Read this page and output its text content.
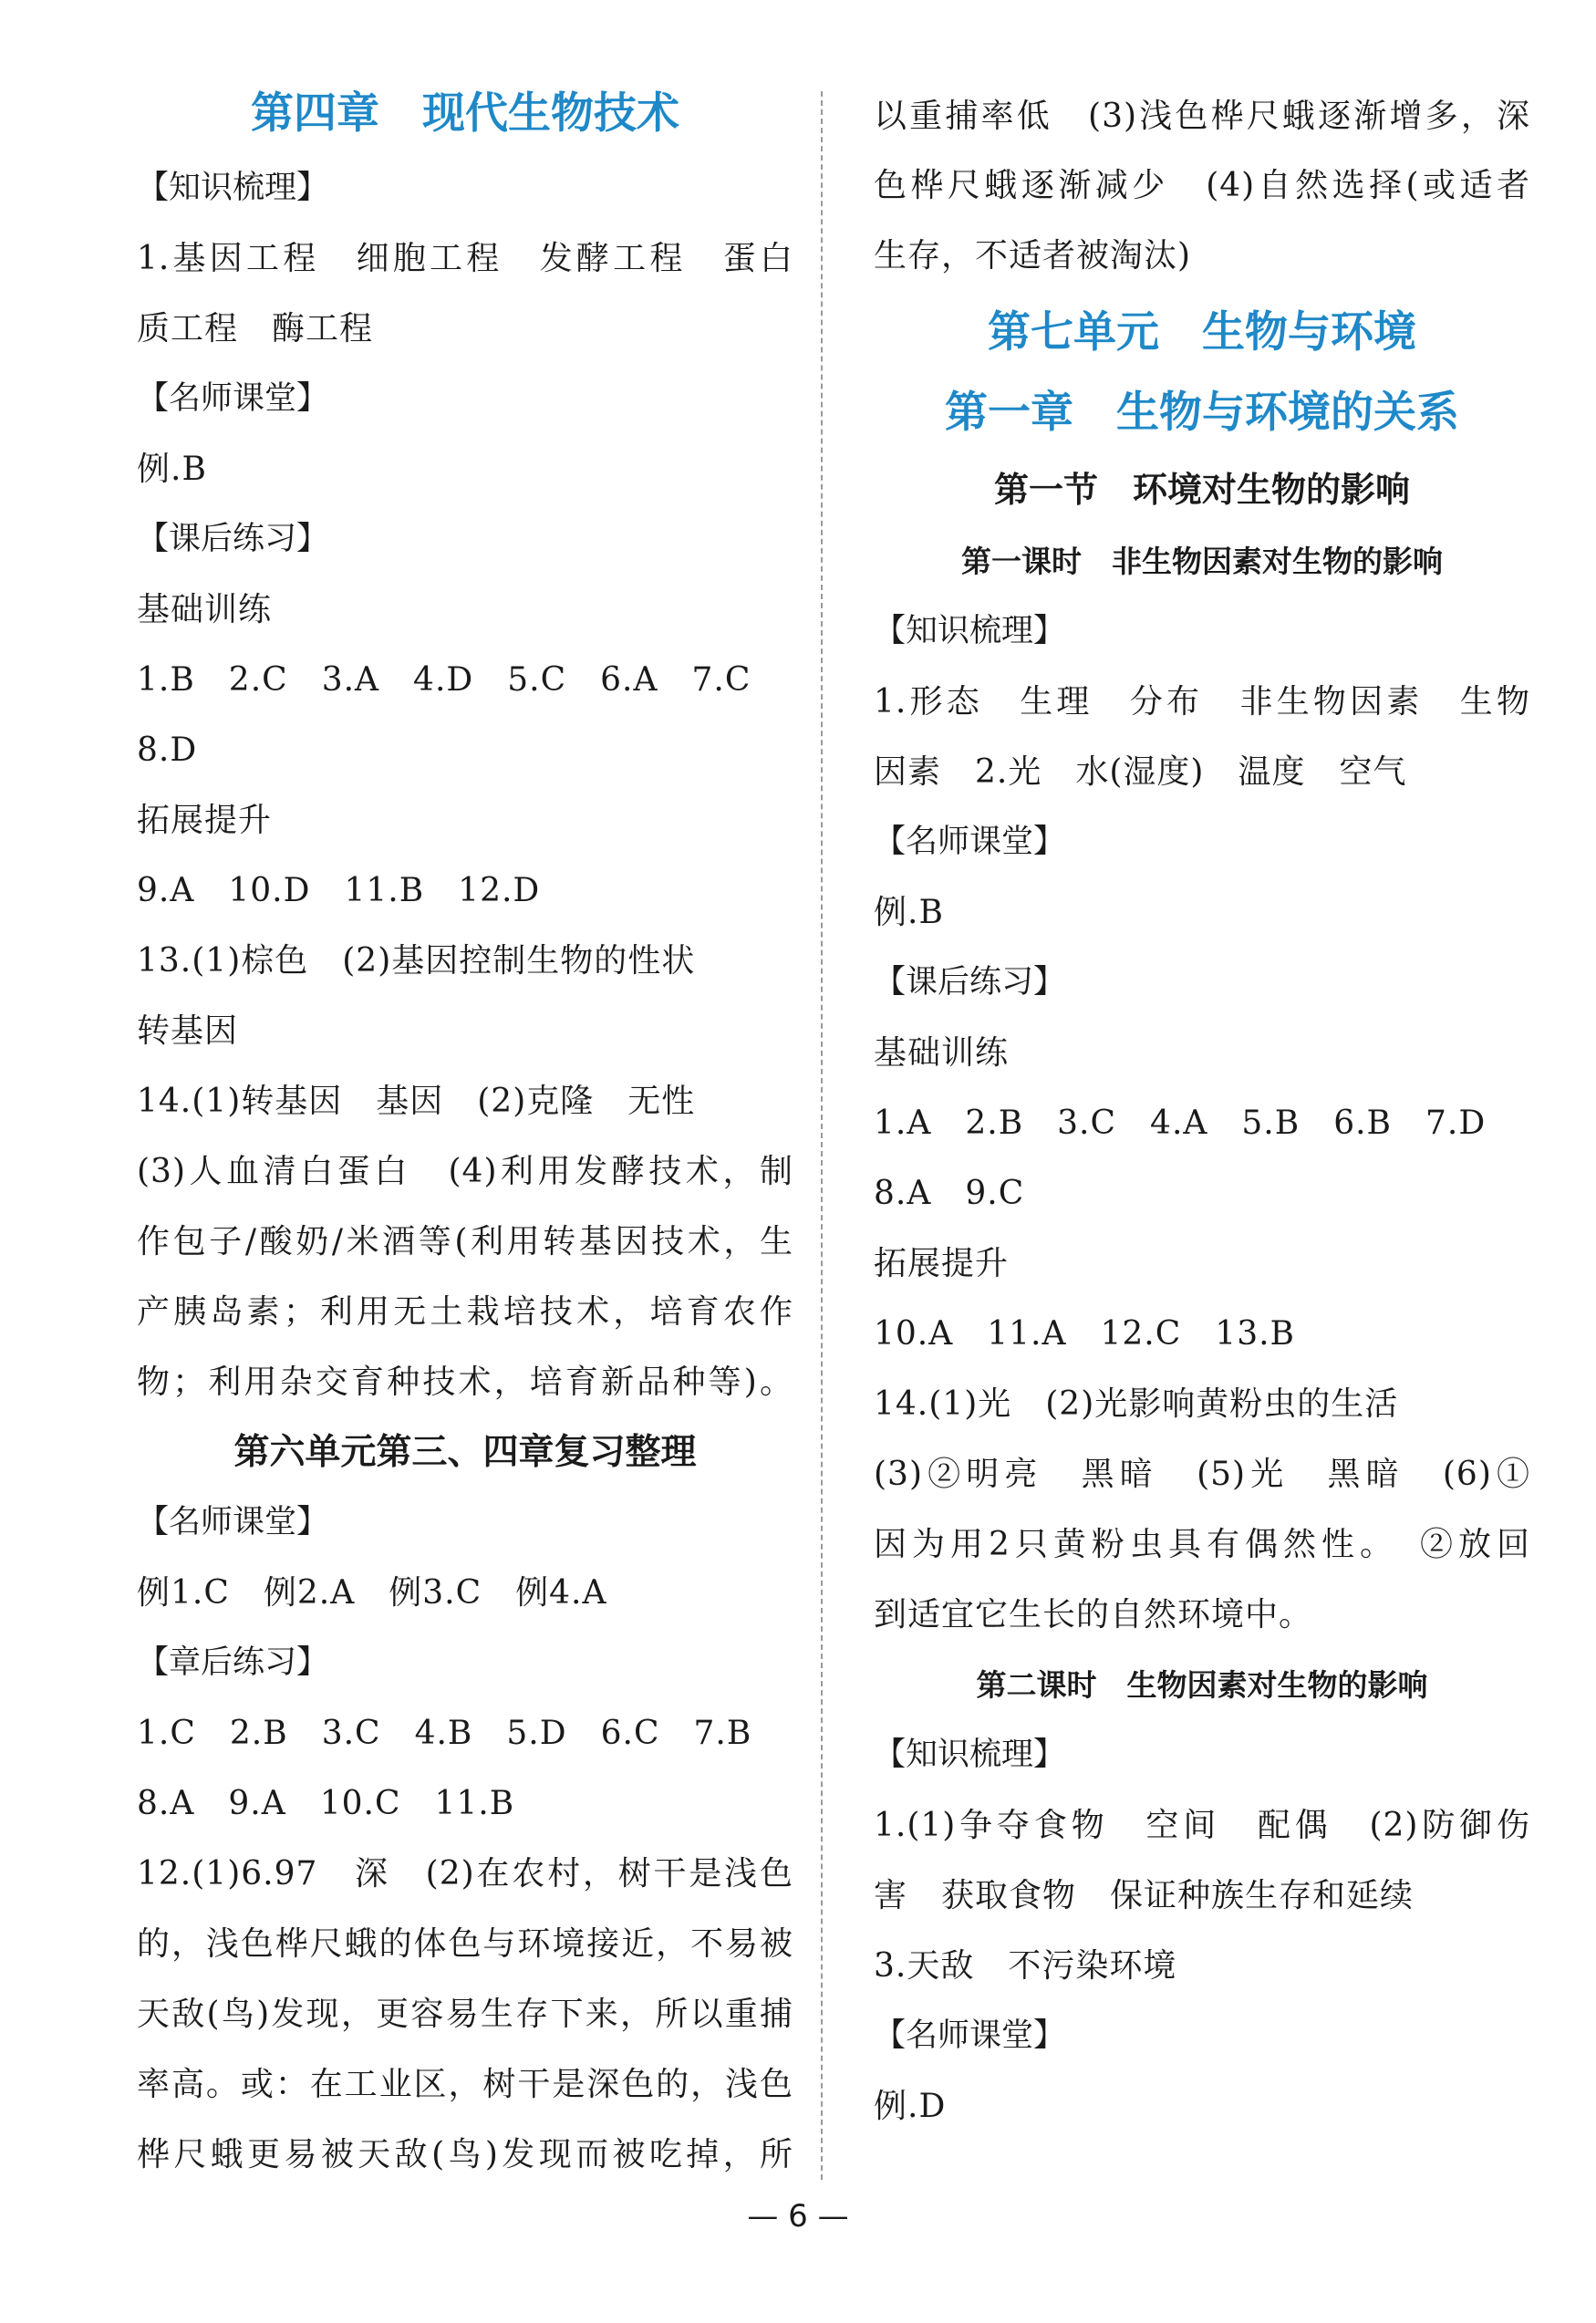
第四章　现代生物技术
【知识梳理】
1.基因工程　细胞工程　发酵工程　蛋白
质工程　酶工程
【名师课堂】
例.B
【课后练习】
基础训练
1.B　2.C　3.A　4.D　5.C　6.A　7.C
8.D
拓展提升
9.A　10.D　11.B　12.D
13.(1)棕色　(2)基因控制生物的性状
转基因
14.(1)转基因　基因　(2)克隆　无性
(3)人血清白蛋白　(4)利用发酵技术，制
作包子/酸奶/米酒等(利用转基因技术，生
产胰岛素；利用无土栽培技术，培育农作
物；利用杂交育种技术，培育新品种等)。
第六单元第三、四章复习整理
【名师课堂】
例1.C　例2.A　例3.C　例4.A
【章后练习】
1.C　2.B　3.C　4.B　5.D　6.C　7.B
8.A　9.A　10.C　11.B
12.(1)6.97　深　(2)在农村，树干是浅色
的，浅色桦尺蛾的体色与环境接近，不易被
天敌(鸟)发现，更容易生存下来，所以重捕
率高。或：在工业区，树干是深色的，浅色
桦尺蛾更易被天敌(鸟)发现而被吃掉，所
以重捕率低　(3)浅色桦尺蛾逐渐增多，深
色桦尺蛾逐渐减少　(4)自然选择(或适者
生存，不适者被淘汰)
第七单元　生物与环境
第一章　生物与环境的关系
第一节　环境对生物的影响
第一课时　非生物因素对生物的影响
【知识梳理】
1.形态　生理　分布　非生物因素　生物
因素　2.光　水(湿度)　温度　空气
【名师课堂】
例.B
【课后练习】
基础训练
1.A　2.B　3.C　4.A　5.B　6.B　7.D
8.A　9.C
拓展提升
10.A　11.A　12.C　13.B
14.(1)光　(2)光影响黄粉虫的生活
(3)②明亮　黑暗　(5)光　黑暗　(6)①
因为用2只黄粉虫具有偶然性。　②放回
到适宜它生长的自然环境中。
第二课时　生物因素对生物的影响
【知识梳理】
1.(1)争夺食物　空间　配偶　(2)防御伤
害　获取食物　保证种族生存和延续
3.天敌　不污染环境
【名师课堂】
例.D
— 6 —
